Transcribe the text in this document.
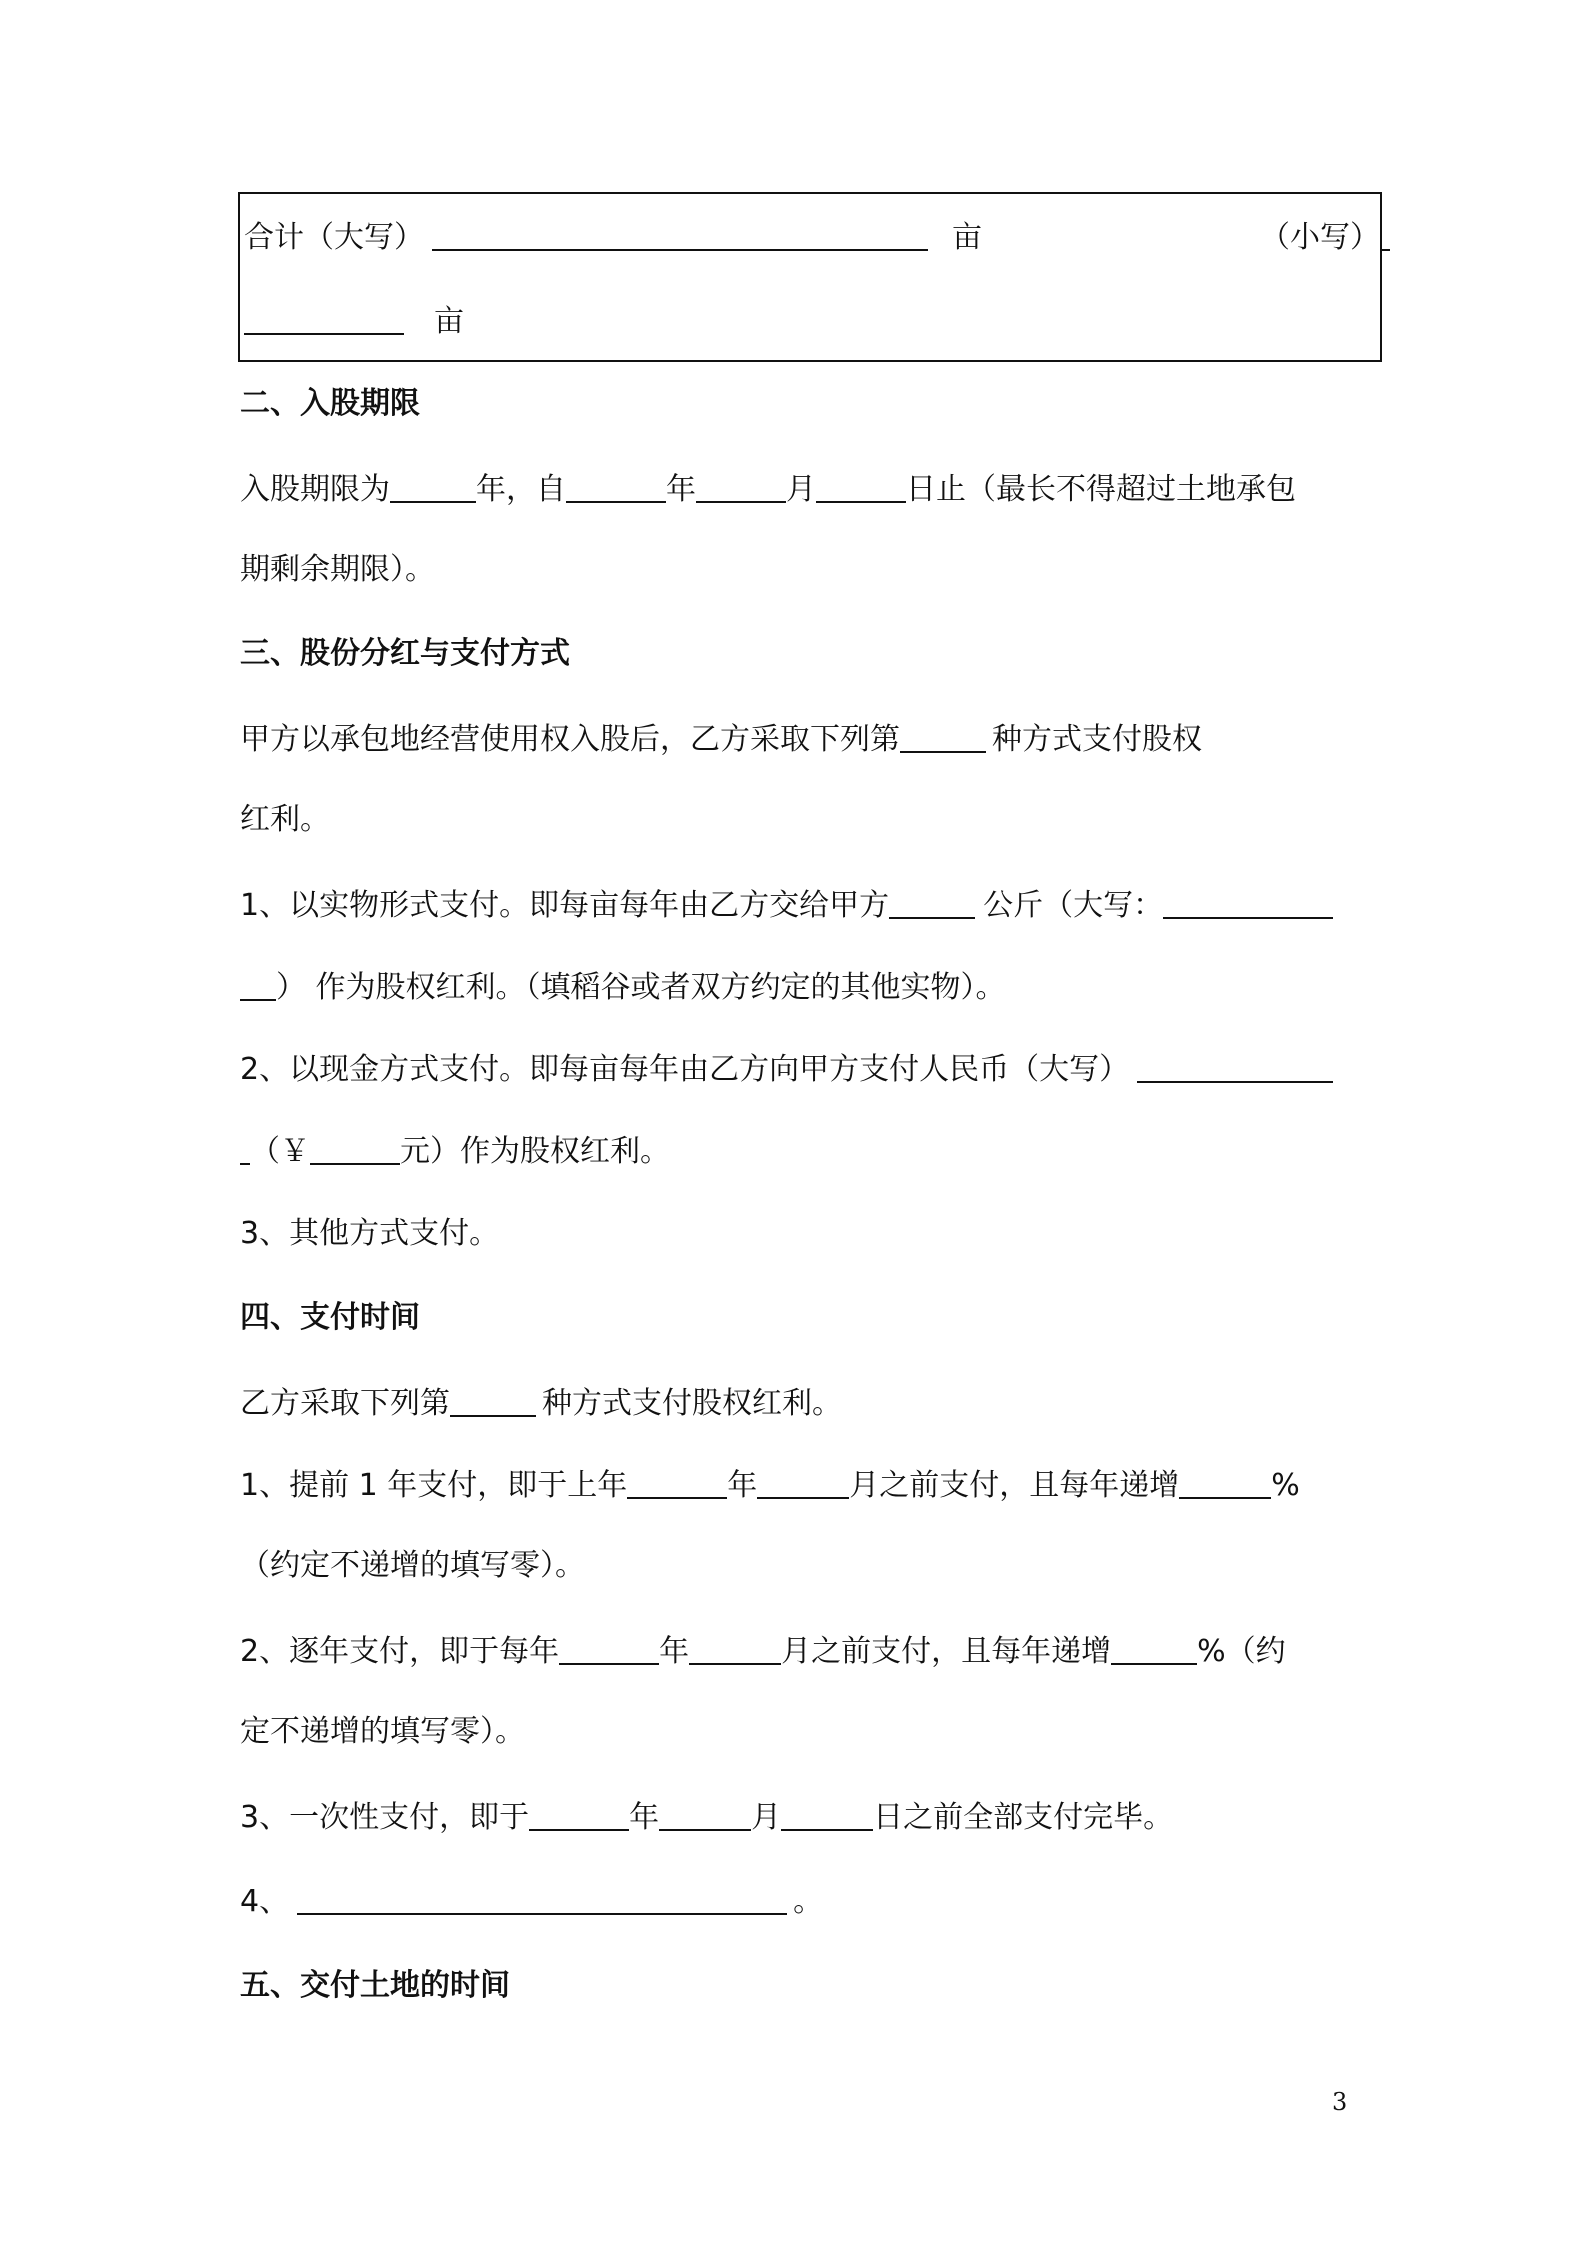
合计（大写）	亩	（小写）
亩
二、入股期限
入股期限为	年，自	年	月	日止（最长不得超过土地承包
期剩余期限）。
三、股份分红与支付方式
甲方以承包地经营使用权入股后，乙方采取下列第	种方式支付股权
红利。
1、以实物形式支付。即每亩每年由乙方交给甲方	公斤（大写：
） 作为股权红利。（填稻谷或者双方约定的其他实物）。
2、以现金方式支付。即每亩每年由乙方向甲方支付人民币（大写）
（￥	元）作为股权红利。
3、其他方式支付。
四、支付时间
乙方采取下列第	种方式支付股权红利。
1、提前 1 年支付，即于上年	年	月之前支付，且每年递增	%
（约定不递增的填写零）。
2、逐年支付，即于每年	年	月之前支付，且每年递增	%（约
定不递增的填写零）。
3、一次性支付，即于	年	月	日之前全部支付完毕。
4、	。
五、交付土地的时间
3
